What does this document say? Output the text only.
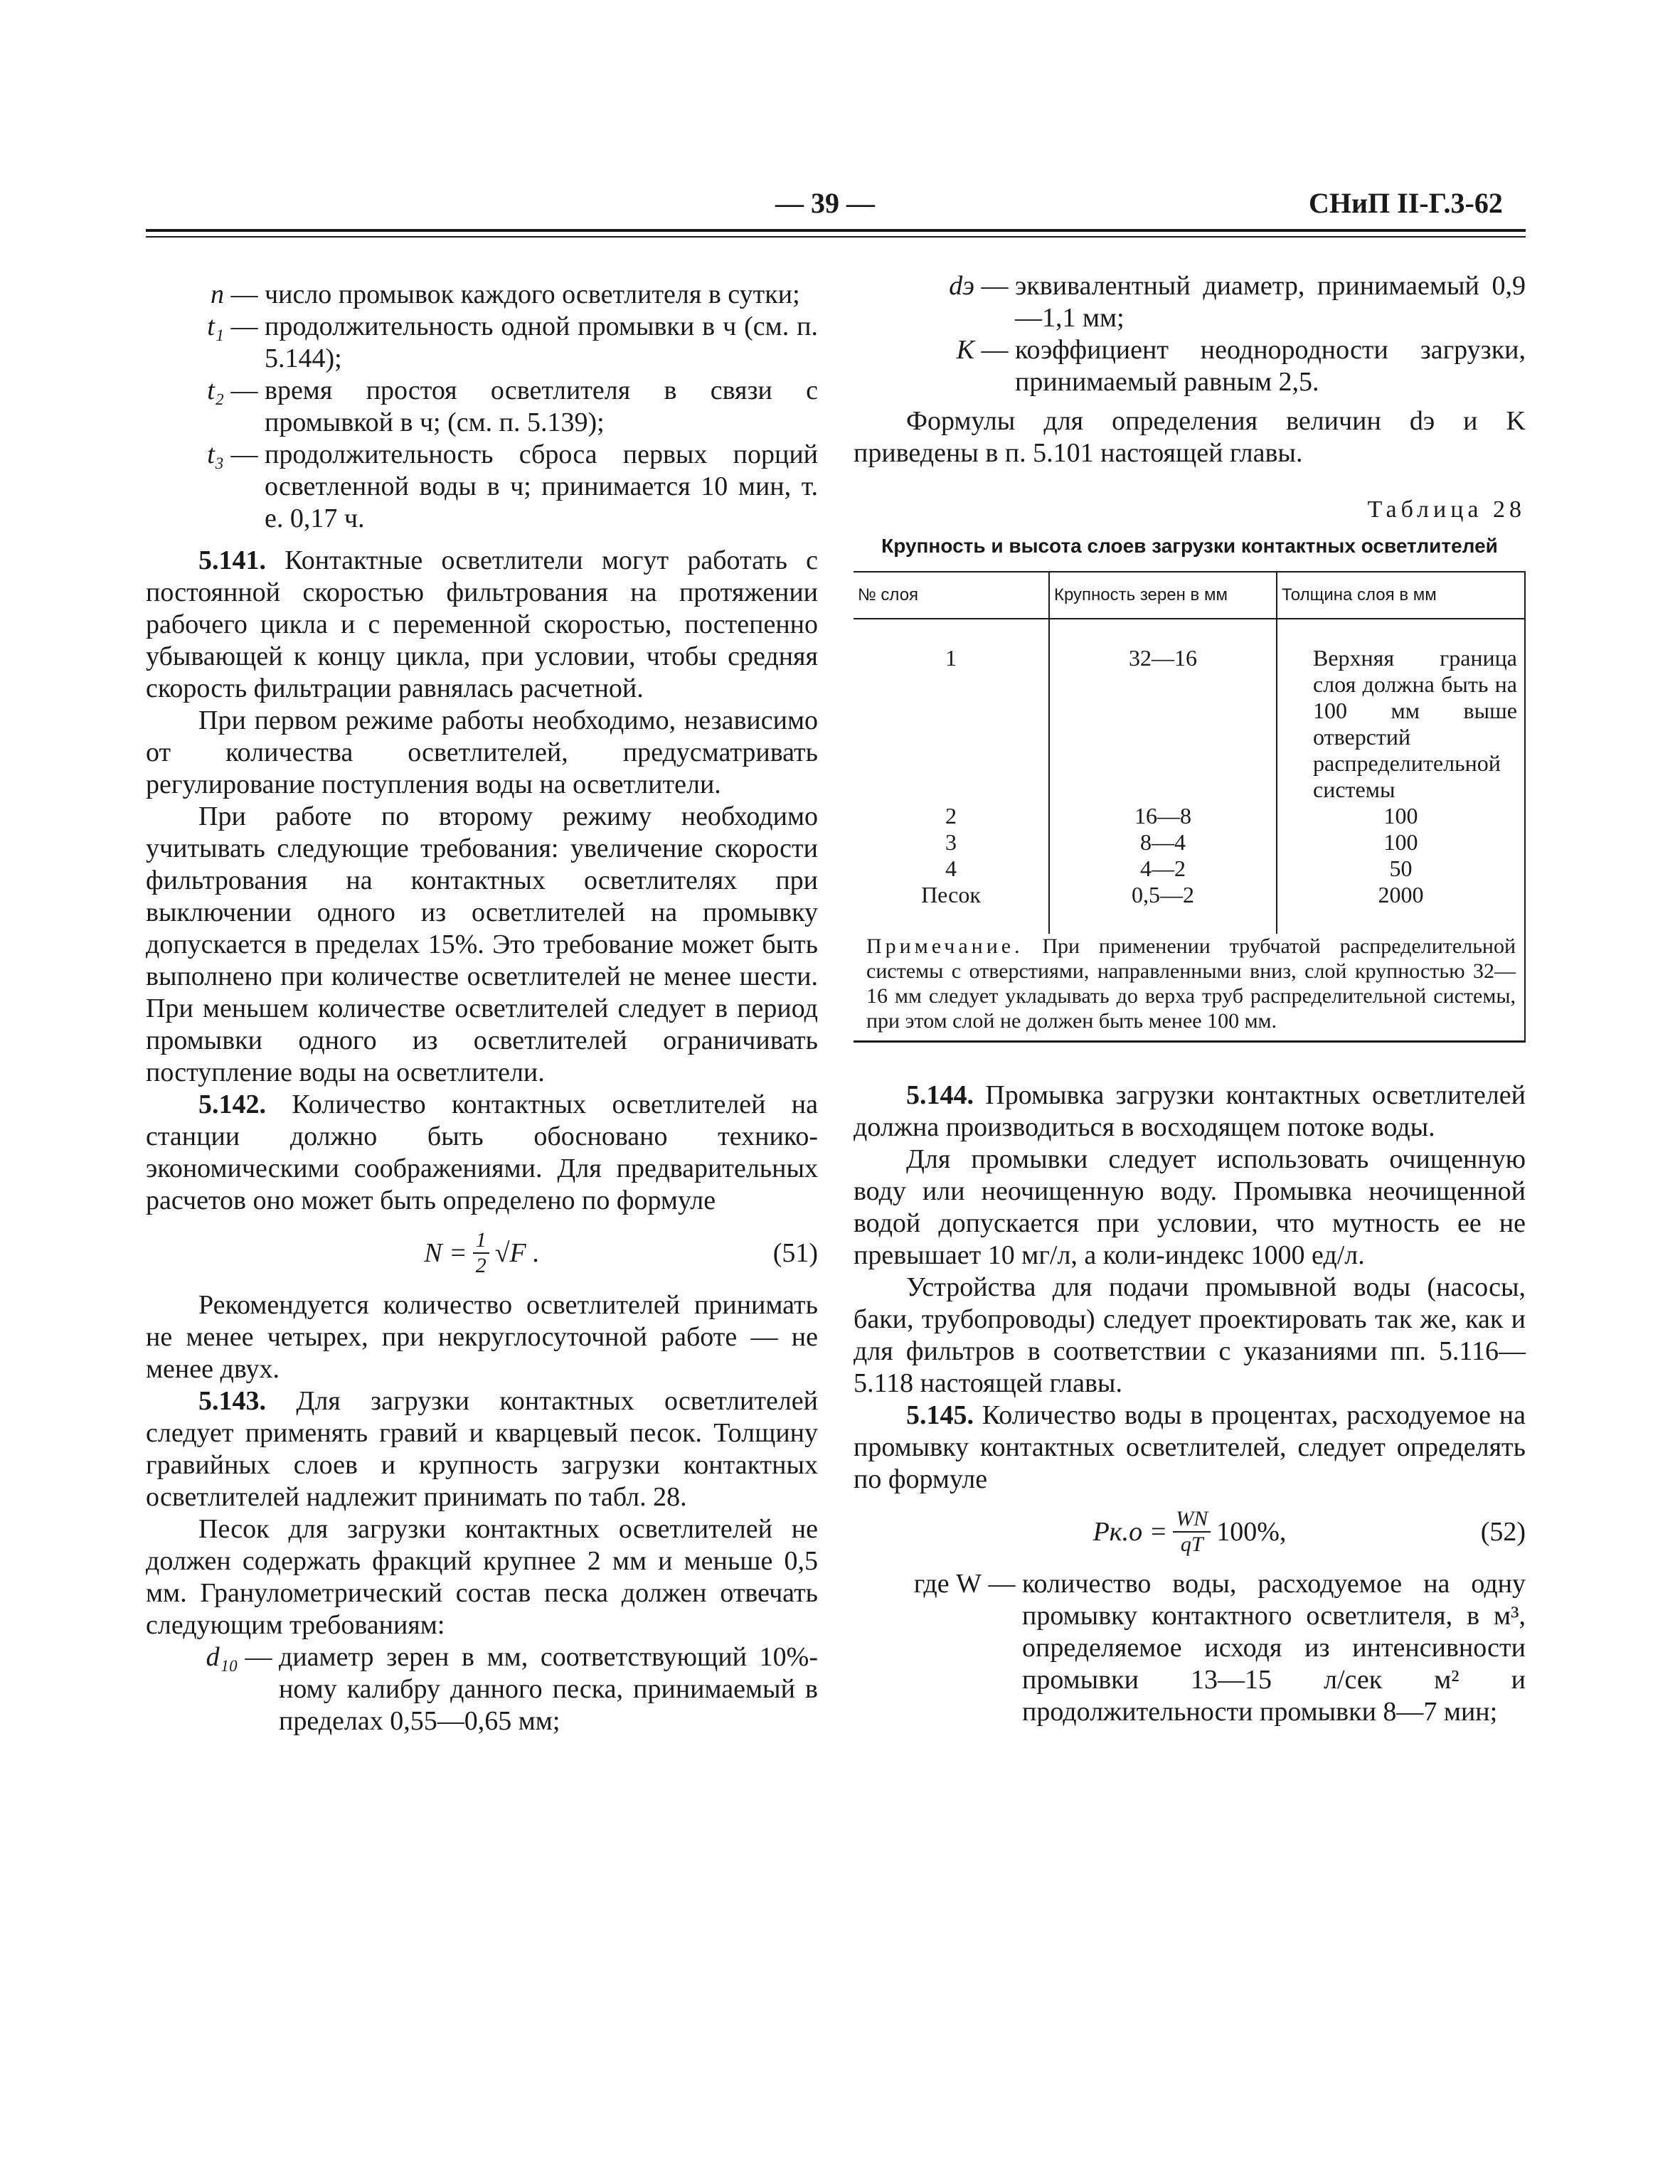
— 39 —	СНиП II-Г.3-62
n — число промывок каждого осветлителя в сутки;
t₁ — продолжительность одной промывки в ч (см. п. 5.144);
t₂ — время простоя осветлителя в связи с промывкой в ч; (см. п. 5.139);
t₃ — продолжительность сброса первых порций осветленной воды в ч; принимается 10 мин, т. е. 0,17 ч.

5.141. Контактные осветлители могут работать с постоянной скоростью фильтрования на протяжении рабочего цикла и с переменной скоростью, постепенно убывающей к концу цикла, при условии, чтобы средняя скорость фильтрации равнялась расчетной.

При первом режиме работы необходимо, независимо от количества осветлителей, предусматривать регулирование поступления воды на осветлители.

При работе по второму режиму необходимо учитывать следующие требования: увеличение скорости фильтрования на контактных осветлителях при выключении одного из осветлителей на промывку допускается в пределах 15%. Это требование может быть выполнено при количестве осветлителей не менее шести. При меньшем количестве осветлителей следует в период промывки одного из осветлителей ограничивать поступление воды на осветлители.

5.142. Количество контактных осветлителей на станции должно быть обосновано технико-экономическими соображениями. Для предварительных расчетов оно может быть определено по формуле

$N = \frac{1}{2} √F$ .	(51)

Рекомендуется количество осветлителей принимать не менее четырех, при некруглосуточной работе — не менее двух.

5.143. Для загрузки контактных осветлителей следует применять гравий и кварцевый песок. Толщину гравийных слоев и крупность загрузки контактных осветлителей надлежит принимать по табл. 28.

Песок для загрузки контактных осветлителей не должен содержать фракций крупнее 2 мм и меньше 0,5 мм. Гранулометрический состав песка должен отвечать следующим требованиям:

d₁₀ — диаметр зерен в мм, соответствующий 10%-ному калибру данного песка, принимаемый в пределах 0,55—0,65 мм;
dэ — эквивалентный диаметр, принимаемый 0,9—1,1 мм;
K — коэффициент неоднородности загрузки, принимаемый равным 2,5.

Формулы для определения величин dэ и K приведены в п. 5.101 настоящей главы.

Таблица 28
Крупность и высота слоев загрузки контактных осветлителей
№ слоя	Крупность зерен в мм	Толщина слоя в мм
1	32—16	Верхняя граница слоя должна быть на 100 мм выше отверстий распределительной системы
2	16—8	100
3	8—4	100
4	4—2	50
Песок	0,5—2	2000
Примечание. При применении трубчатой распределительной системы с отверстиями, направленными вниз, слой крупностью 32—16 мм следует укладывать до верха труб распределительной системы, при этом слой не должен быть менее 100 мм.

5.144. Промывка загрузки контактных осветлителей должна производиться в восходящем потоке воды.

Для промывки следует использовать очищенную воду или неочищенную воду. Промывка неочищенной водой допускается при условии, что мутность ее не превышает 10 мг/л, а коли-индекс 1000 ед/л.

Устройства для подачи промывной воды (насосы, баки, трубопроводы) следует проектировать так же, как и для фильтров в соответствии с указаниями пп. 5.116—5.118 настоящей главы.

5.145. Количество воды в процентах, расходуемое на промывку контактных осветлителей, следует определять по формуле

$Pк.о = \frac{WN}{qT} 100\%$,	(52)
где W — количество воды, расходуемое на одну промывку контактного осветлителя, в м³, определяемое исходя из интенсивности промывки 13—15 л/сек м² и продолжительности промывки 8—7 мин;
